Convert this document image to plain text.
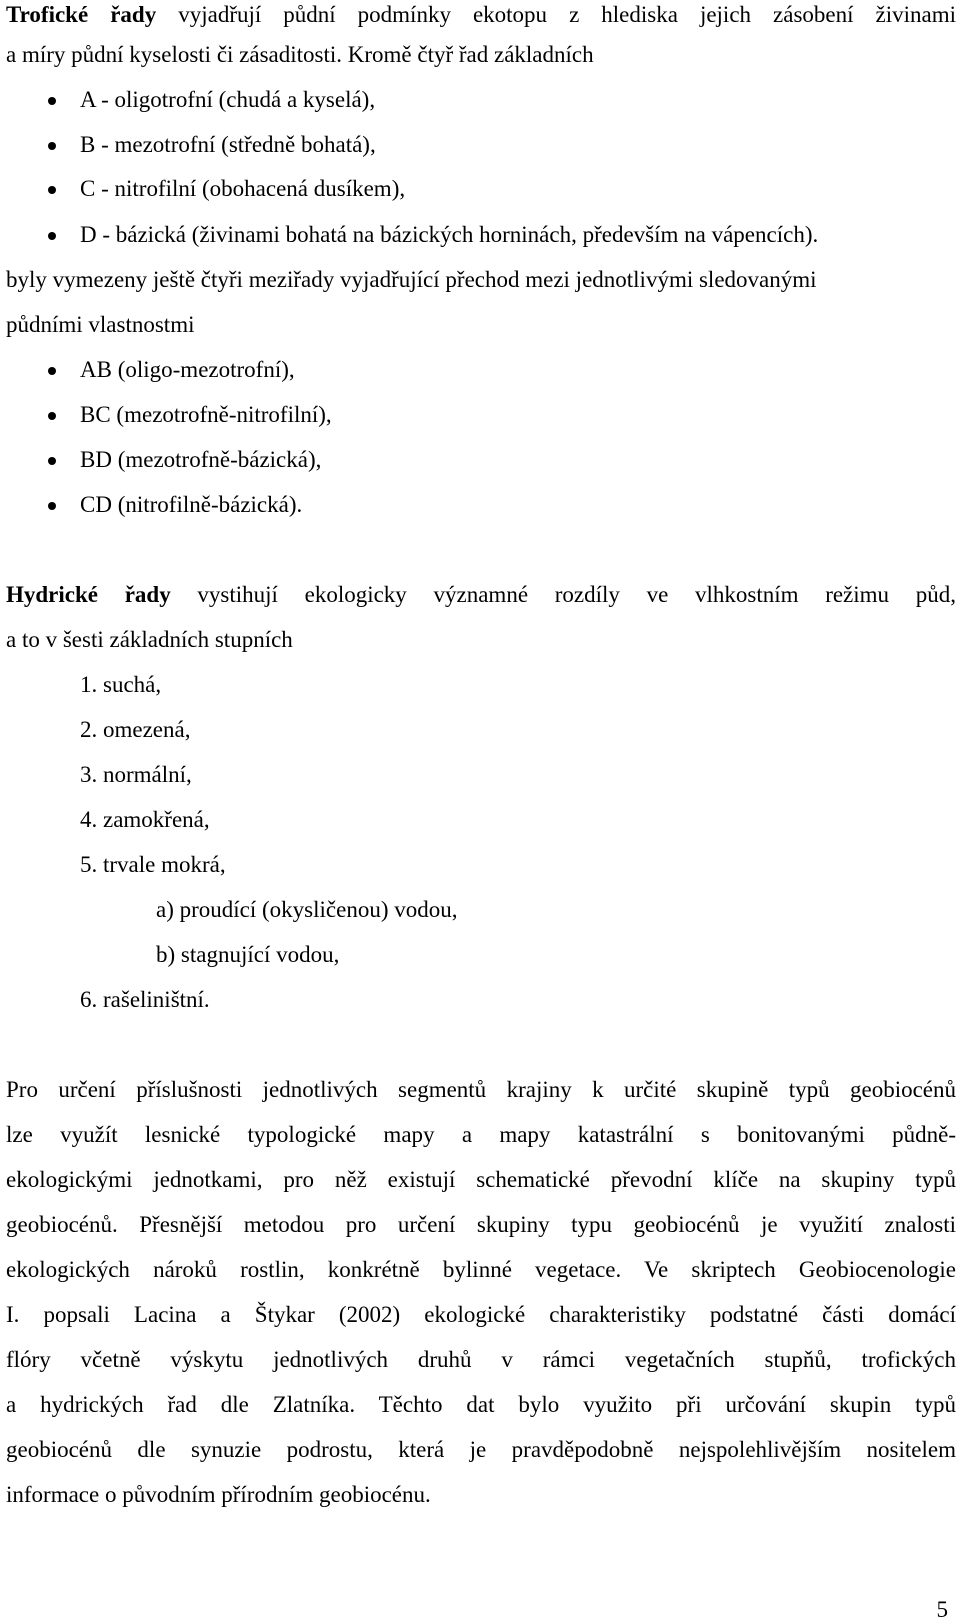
Trofické řady vyjadřují půdní podmínky ekotopu z hlediska jejich zásobení živinami
a míry půdní kyselosti či zásaditosti. Kromě čtyř řad základních
A - oligotrofní (chudá a kyselá),
B - mezotrofní (středně bohatá),
C - nitrofilní (obohacená dusíkem),
D - bázická (živinami bohatá na bázických horninách, především na vápencích).
byly vymezeny ještě čtyři meziřady vyjadřující přechod mezi jednotlivými sledovanými
půdními vlastnostmi
AB (oligo-mezotrofní),
BC (mezotrofně-nitrofilní),
BD (mezotrofně-bázická),
CD (nitrofilně-bázická).
Hydrické řady vystihují ekologicky významné rozdíly ve vlhkostním režimu půd,
a to v šesti základních stupních
1. suchá,
2. omezená,
3. normální,
4. zamokřená,
5. trvale mokrá,
a) proudící (okysličenou) vodou,
b) stagnující vodou,
6. rašeliništní.
Pro určení příslušnosti jednotlivých segmentů krajiny k určité skupině typů geobiocénů
lze využít lesnické typologické mapy a mapy katastrální s bonitovanými půdně-
ekologickými jednotkami, pro něž existují schematické převodní klíče na skupiny typů
geobiocénů. Přesnější metodou pro určení skupiny typu geobiocénů je využití znalosti
ekologických nároků rostlin, konkrétně bylinné vegetace. Ve skriptech Geobiocenologie
I. popsali Lacina a Štykar (2002) ekologické charakteristiky podstatné části domácí
flóry včetně výskytu jednotlivých druhů v rámci vegetačních stupňů, trofických
a hydrických řad dle Zlatníka. Těchto dat bylo využito při určování skupin typů
geobiocénů dle synuzie podrostu, která je pravděpodobně nejspolehlivějším nositelem
informace o původním přírodním geobiocénu.
5
